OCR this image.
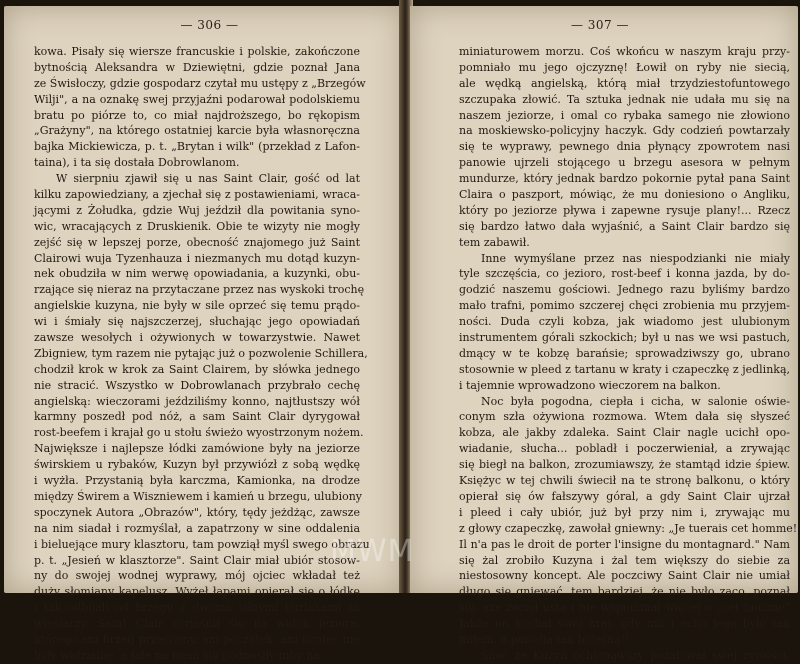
— 306 —
kowa. Pisały się wiersze francuskie i polskie, zakończone
bytnością Aleksandra w Dziewiętni, gdzie poznał Jana
ze Świsłoczy, gdzie gospodarz czytał mu ustępy z „Brzegów
Wilji", a na oznakę swej przyjaźni podarował podolskiemu
bratu po piórze to, co miał najdroższego, bo rękopism
„Grażyny", na którego ostatniej karcie była własnoręczna
bajka Mickiewicza, p. t. „Brytan i wilk" (przekład z Lafon-
taina), i ta się dostała Dobrowlanom.
W sierpniu zjawił się u nas Saint Clair, gość od lat
kilku zapowiedziany, a zjechał się z postawieniami, wraca-
jącymi z Żołudka, gdzie Wuj jeździł dla powitania syno-
wic, wracających z Druskienik. Obie te wizyty nie mogły
zejść się w lepszej porze, obecność znajomego już Saint
Clairowi wuja Tyzenhauza i niezmanych mu dotąd kuzyn-
nek obudziła w nim werwę opowiadania, a kuzynki, obu-
rzające się nieraz na przytaczane przez nas wyskoki trochę
angielskie kuzyna, nie były w sile oprzeć się temu prądo-
wi i śmiały się najszczerzej, słuchając jego opowiadań
zawsze wesołych i ożywionych w towarzystwie. Nawet
Zbigniew, tym razem nie pytając już o pozwolenie Schillera,
chodził krok w krok za Saint Clairem, by słówka jednego
nie stracić. Wszystko w Dobrowlanach przybrało cechę
angielską: wieczorami jeździliśmy konno, najtłustszy wół
karmny poszedł pod nóż, a sam Saint Clair dyrygował
rost-beefem i krajał go u stołu świeżo wyostrzonym nożem.
Największe i najlepsze łódki zamówione były na jeziorze
świrskiem u rybaków, Kuzyn był przywiózł z sobą wędkę
i wyżła. Przystanią była karczma, Kamionka, na drodze
między Świrem a Wiszniewem i kamień u brzegu, ulubiony
spoczynek Autora „Obrazów", który, tędy jeżdżąc, zawsze
na nim siadał i rozmyślał, a zapatrzony w sine oddalenia
i bieluejące mury klasztoru, tam powziął myśl swego obrazu
p. t. „Jesień w klasztorze". Saint Clair miał ubiór stosow-
ny do swojej wodnej wyprawy, mój ojciec wkładał też
duży słomiany kapelusz. Wyżeł łapami opierał się o łódkę
i tak odbijali od brzegu z dwoma silnymi burłakami za
wioślarzy. Saint Clair rozjaśnił się na widok jeziora,
którego ani brzeg przeciwny, ani początek, ani koniec nie
były widzialne, a fale na niem się podnosiły niby na
— 307 —
miniaturowem morzu. Coś wkońcu w naszym kraju przy-
pomniało mu jego ojczyznę! Łowił on ryby nie siecią,
ale wędką angielską, którą miał trzydziestofuntowego
szczupaka złowić. Ta sztuka jednak nie udała mu się na
naszem jeziorze, i omal co rybaka samego nie złowiono
na moskiewsko-policyjny haczyk. Gdy codzień powtarzały
się te wyprawy, pewnego dnia płynący zpowrotem nasi
panowie ujrzeli stojącego u brzegu asesora w pełnym
mundurze, który jednak bardzo pokornie pytał pana Saint
Claira o paszport, mówiąc, że mu doniesiono o Angliku,
który po jeziorze pływa i zapewne rysuje plany!... Rzecz
się bardzo łatwo dała wyjaśnić, a Saint Clair bardzo się
tem zabawił.
Inne wymyślane przez nas niespodzianki nie miały
tyle szczęścia, co jezioro, rost-beef i konna jazda, by do-
godzić naszemu gościowi. Jednego razu byliśmy bardzo
mało trafni, pomimo szczerej chęci zrobienia mu przyjem-
ności. Duda czyli kobza, jak wiadomo jest ulubionym
instrumentem górali szkockich; był u nas we wsi pastuch,
dmący w te kobzę barańsie; sprowadziwszy go, ubrano
stosownie w pleed z tartanu w kraty i czapeczkę z jedlinką,
i tajemnie wprowadzono wieczorem na balkon.
Noc była pogodna, ciepła i cicha, w salonie oświe-
conym szła ożywiona rozmowa. Wtem dała się słyszeć
kobza, ale jakby zdaleka. Saint Clair nagle ucichł opo-
wiadanie, słucha... pobladł i poczerwieniał, a zrywając
się biegł na balkon, zrozumiawszy, że stamtąd idzie śpiew.
Księżyc w tej chwili świecił na te stronę balkonu, o który
opierał się ów fałszywy góral, a gdy Saint Clair ujrzał
i pleed i cały ubiór, już był przy nim i, zrywając mu
z głowy czapeczkę, zawołał gniewny: „Je tuerais cet homme!
Il n'a pas le droit de porter l'insigne du montagnard." Nam
się żal zrobiło Kuzyna i żal tem większy do siebie za
niestosowny koncept. Ale poczciwy Saint Clair nie umiał
długo się gniewać, tem bardziej, że nie było zaco, poznał
się, aże zacięł usta i nie wspominał więcej o „cet homme"
Jakże on kochał swój kraj, gdy mu i echo jego było tak
miłem, a parodja tak bolesną!!
Snać że Kuzyn ochłonąwszy pożałował swej żywości,
MWM
